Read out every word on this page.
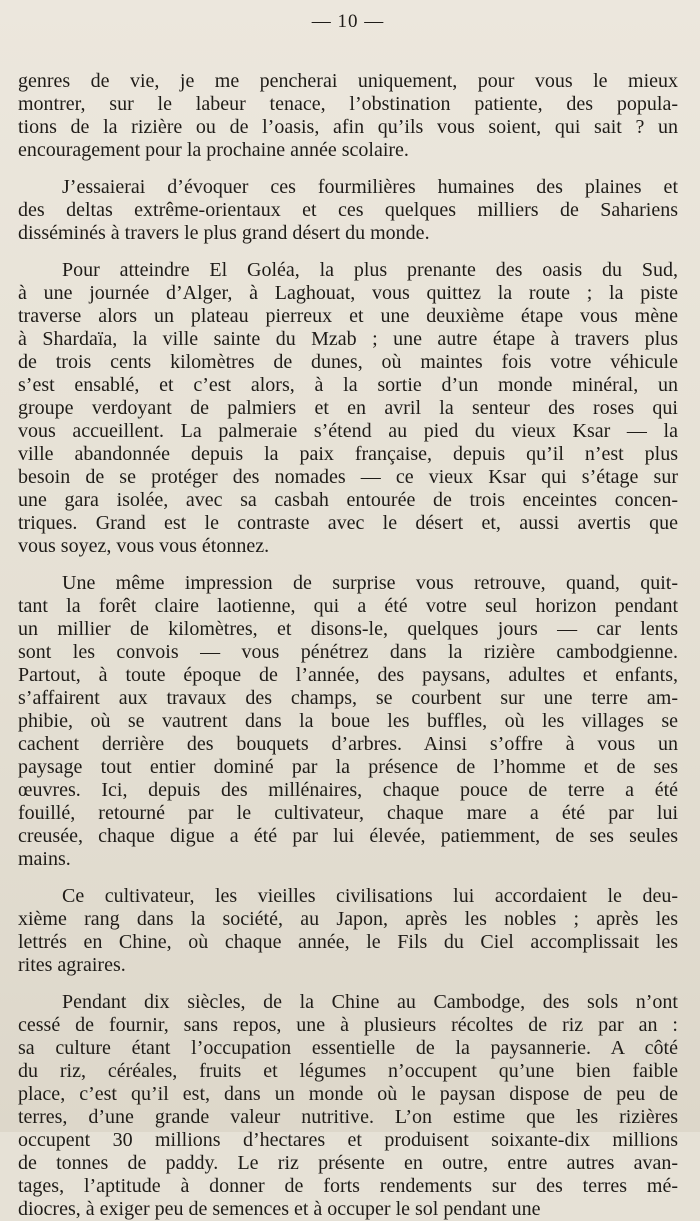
— 10 —
genres de vie, je me pencherai uniquement, pour vous le mieux
montrer, sur le labeur tenace, l’obstination patiente, des popula-
tions de la rizière ou de l’oasis, afin qu’ils vous soient, qui sait ? un
encouragement pour la prochaine année scolaire.
J’essaierai d’évoquer ces fourmilières humaines des plaines et
des deltas extrême-orientaux et ces quelques milliers de Sahariens
disséminés à travers le plus grand désert du monde.
Pour atteindre El Goléa, la plus prenante des oasis du Sud,
à une journée d’Alger, à Laghouat, vous quittez la route ; la piste
traverse alors un plateau pierreux et une deuxième étape vous mène
à Shardaïa, la ville sainte du Mzab ; une autre étape à travers plus
de trois cents kilomètres de dunes, où maintes fois votre véhicule
s’est ensablé, et c’est alors, à la sortie d’un monde minéral, un
groupe verdoyant de palmiers et en avril la senteur des roses qui
vous accueillent. La palmeraie s’étend au pied du vieux Ksar — la
ville abandonnée depuis la paix française, depuis qu’il n’est plus
besoin de se protéger des nomades — ce vieux Ksar qui s’étage sur
une gara isolée, avec sa casbah entourée de trois enceintes concen-
triques. Grand est le contraste avec le désert et, aussi avertis que
vous soyez, vous vous étonnez.
Une même impression de surprise vous retrouve, quand, quit-
tant la forêt claire laotienne, qui a été votre seul horizon pendant
un millier de kilomètres, et disons-le, quelques jours — car lents
sont les convois — vous pénétrez dans la rizière cambodgienne.
Partout, à toute époque de l’année, des paysans, adultes et enfants,
s’affairent aux travaux des champs, se courbent sur une terre am-
phibie, où se vautrent dans la boue les buffles, où les villages se
cachent derrière des bouquets d’arbres. Ainsi s’offre à vous un
paysage tout entier dominé par la présence de l’homme et de ses
œuvres. Ici, depuis des millénaires, chaque pouce de terre a été
fouillé, retourné par le cultivateur, chaque mare a été par lui
creusée, chaque digue a été par lui élevée, patiemment, de ses seules
mains.
Ce cultivateur, les vieilles civilisations lui accordaient le deu-
xième rang dans la société, au Japon, après les nobles ; après les
lettrés en Chine, où chaque année, le Fils du Ciel accomplissait les
rites agraires.
Pendant dix siècles, de la Chine au Cambodge, des sols n’ont
cessé de fournir, sans repos, une à plusieurs récoltes de riz par an :
sa culture étant l’occupation essentielle de la paysannerie. A côté
du riz, céréales, fruits et légumes n’occupent qu’une bien faible
place, c’est qu’il est, dans un monde où le paysan dispose de peu de
terres, d’une grande valeur nutritive. L’on estime que les rizières
occupent 30 millions d’hectares et produisent soixante-dix millions
de tonnes de paddy. Le riz présente en outre, entre autres avan-
tages, l’aptitude à donner de forts rendements sur des terres mé-
diocres, à exiger peu de semences et à occuper le sol pendant une
